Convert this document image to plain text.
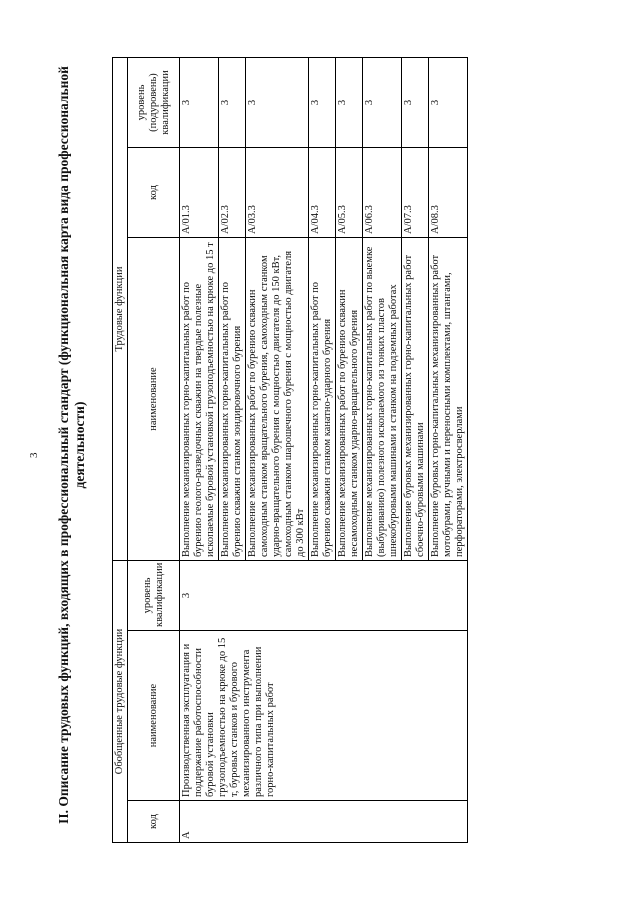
3 II. Описание трудовых функций, входящих в профессиональный стандарт (функциональная карта вида профессиональной деятельности)
Обобщенные трудовые функции			Трудовые функции		
код	наименование	уровень квалификации	наименование	код	уровень (подуровень) квалификации
A	Производственная эксплуатация и поддержание работоспособности буровой установки грузоподъемностью на крюке до 15 т, буровых станков и бурового механизированного инструмента различного типа при выполнении горно-капитальных работ	3	Выполнение механизированных горно-капитальных работ по бурению геолого-разведочных скважин на твердые полезные ископаемые буровой установкой грузоподъемностью на крюке до 15 т	A/01.3	3
			Выполнение механизированных горно-капитальных работ по бурению скважин станком зондировочного бурения	A/02.3	3
			Выполнение механизированных работ по бурению скважин самоходным станком вращательного бурения, самоходным станком ударно-вращательного бурения с мощностью двигателя до 150 кВт, самоходным станком шарошечного бурения с мощностью двигателя до 300 кВт	A/03.3	3
			Выполнение механизированных горно-капитальных работ по бурению скважин станком канатно-ударного бурения	A/04.3	3
			Выполнение механизированных работ по бурению скважин несамоходным станком ударно-вращательного бурения	A/05.3	3
			Выполнение механизированных горно-капитальных работ по выемке (выбуриванию) полезного ископаемого из тонких пластов шнекобуровыми машинами и станком на подземных работах	A/06.3	3
			Выполнение буровых механизированных горно-капитальных работ сбоечно-буровыми машинами	A/07.3	3
			Выполнение буровых горно-капитальных механизированных работ мотобурами, ручными и переносными комплектами, штангами, перфораторами, электросверлами	A/08.3	3
